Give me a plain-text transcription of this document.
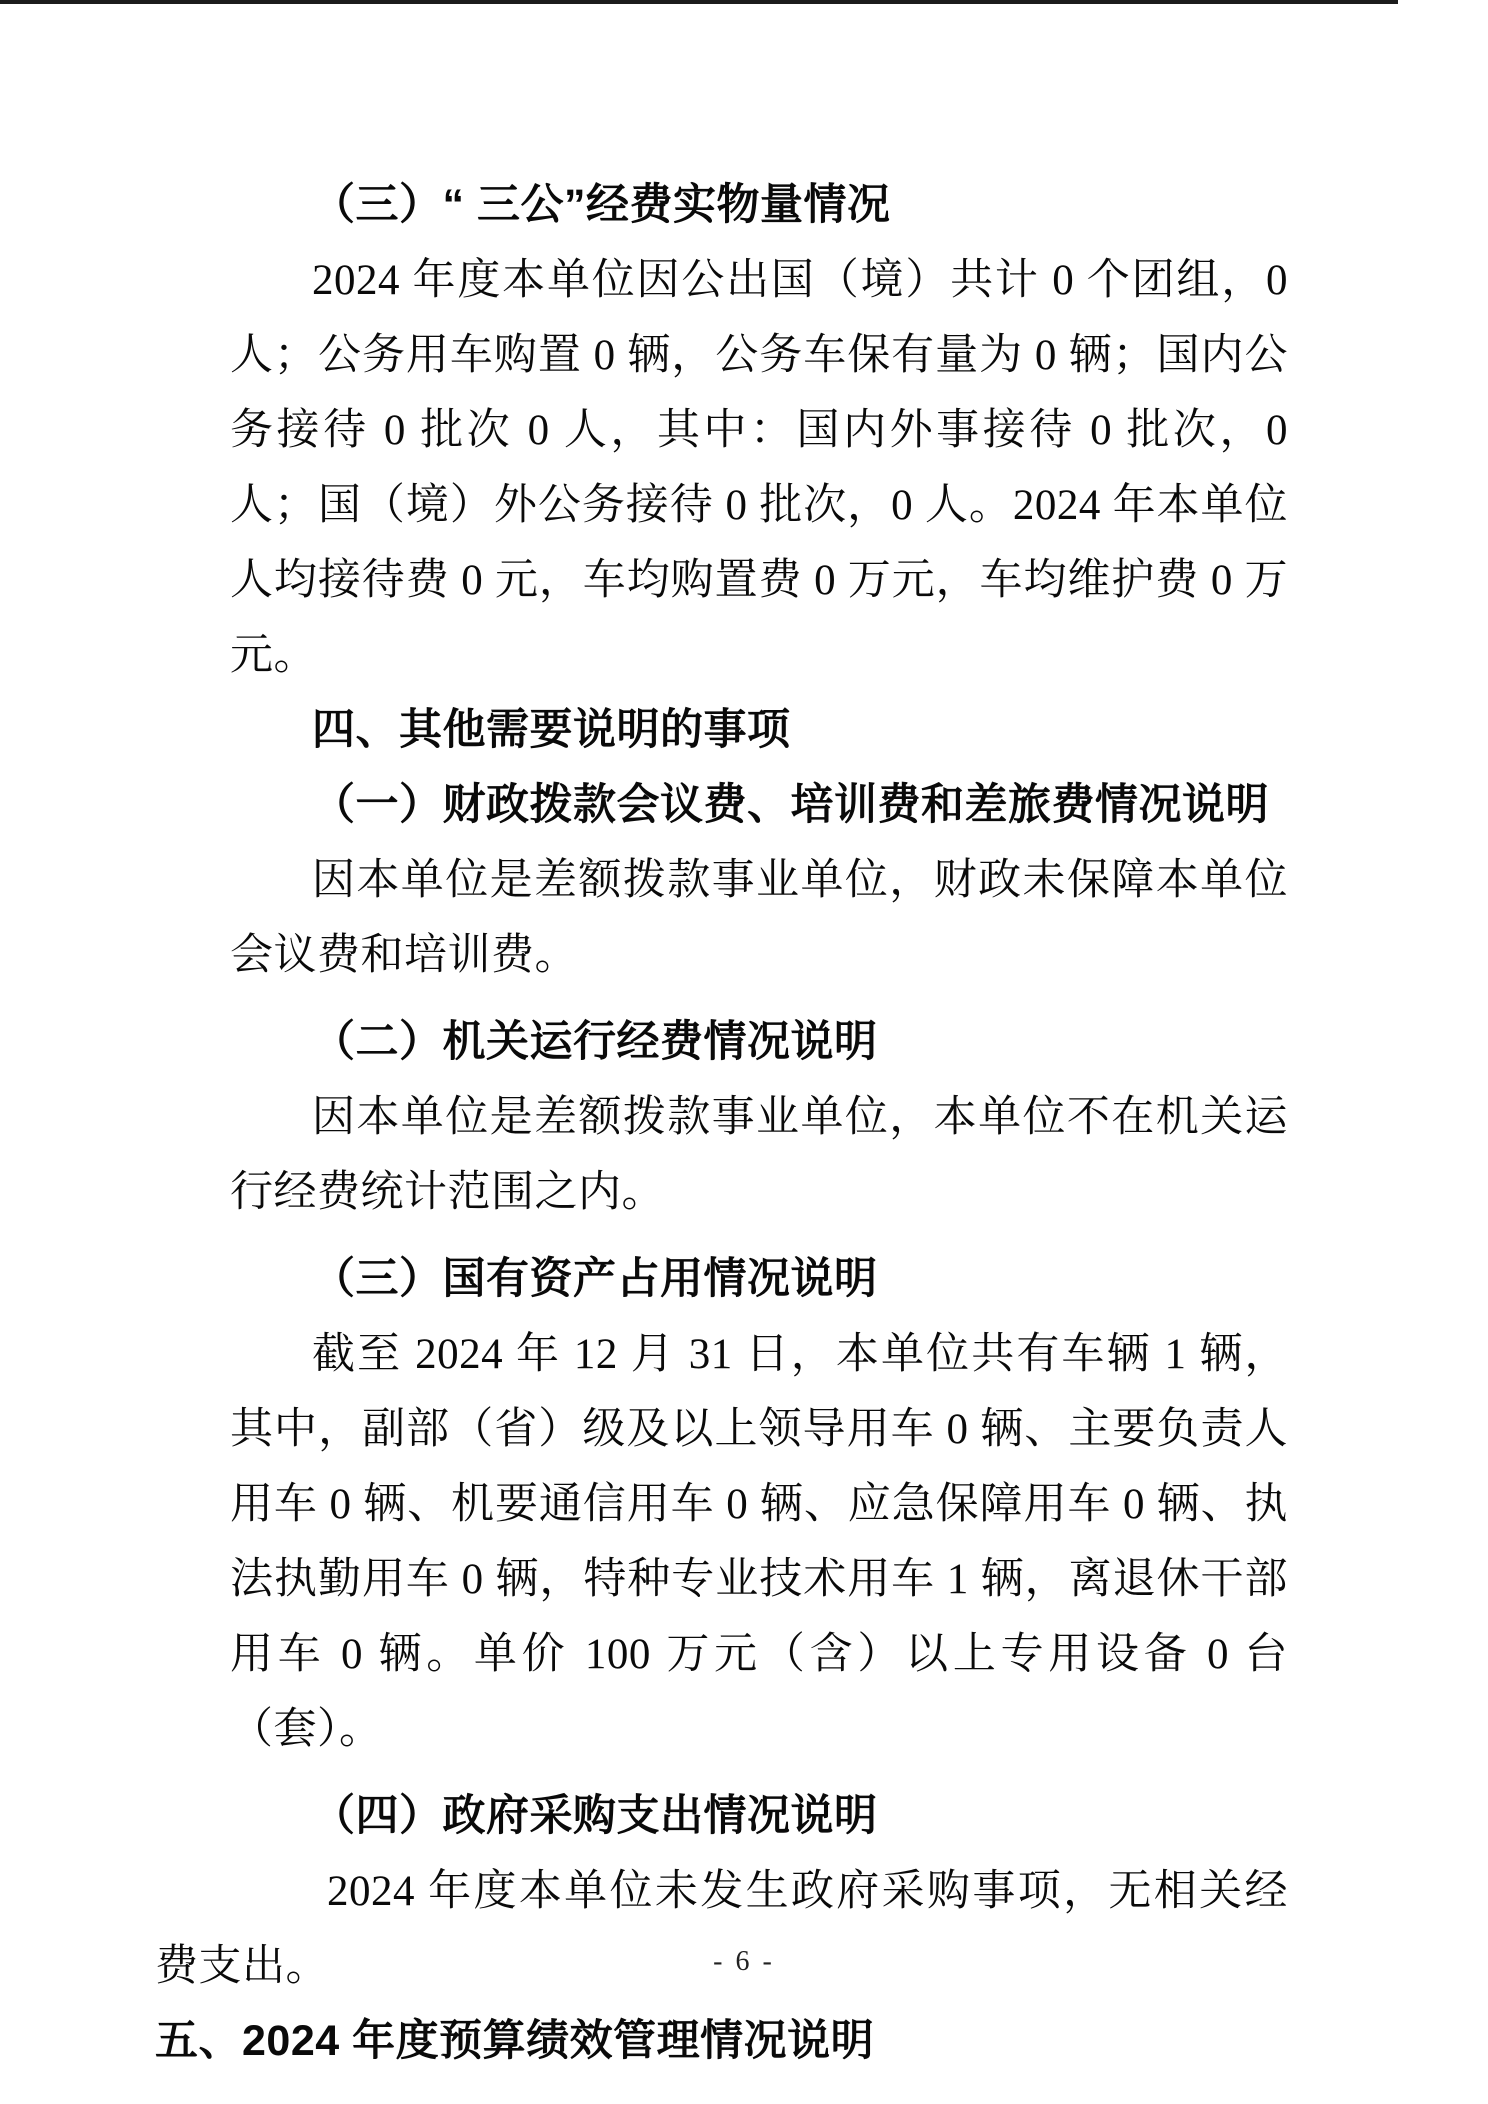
（三）“ 三公”经费实物量情况

2024 年度本单位因公出国（境）共计 0 个团组，0 人；公务用车购置 0 辆，公务车保有量为 0 辆；国内公务接待 0 批次 0 人，其中：国内外事接待 0 批次，0 人；国（境）外公务接待 0 批次，0 人。2024 年本单位人均接待费 0 元，车均购置费 0 万元，车均维护费 0 万元。

四、其他需要说明的事项

（一）财政拨款会议费、培训费和差旅费情况说明

因本单位是差额拨款事业单位，财政未保障本单位会议费和培训费。

（二）机关运行经费情况说明

因本单位是差额拨款事业单位，本单位不在机关运行经费统计范围之内。

（三）国有资产占用情况说明

截至 2024 年 12 月 31 日，本单位共有车辆 1 辆，其中，副部（省）级及以上领导用车 0 辆、主要负责人用车 0 辆、机要通信用车 0 辆、应急保障用车 0 辆、执法执勤用车 0 辆，特种专业技术用车 1 辆，离退休干部用车 0 辆。单价 100 万元（含）以上专用设备 0 台（套）。

（四）政府采购支出情况说明

2024 年度本单位未发生政府采购事项，无相关经费支出。

五、2024 年度预算绩效管理情况说明

- 6 -
